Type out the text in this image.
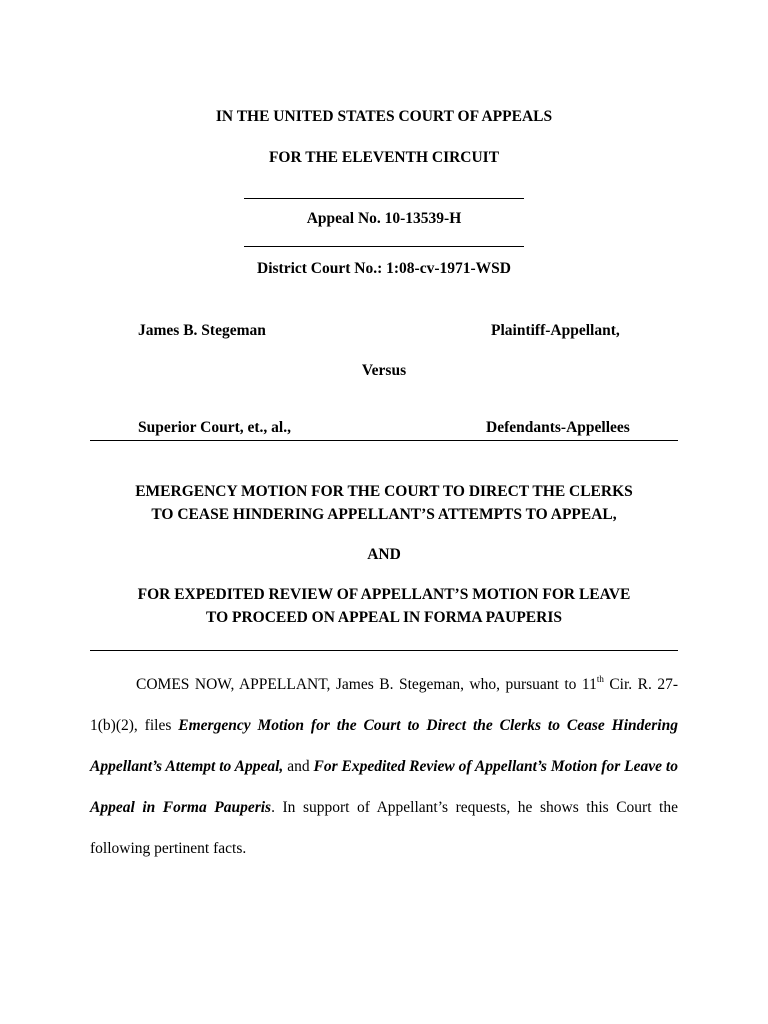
IN THE UNITED STATES COURT OF APPEALS
FOR THE ELEVENTH CIRCUIT
Appeal No. 10-13539-H
District Court No.: 1:08-cv-1971-WSD
James B. Stegeman	Plaintiff-Appellant,
Versus
Superior Court, et., al.,	Defendants-Appellees
EMERGENCY MOTION FOR THE COURT TO DIRECT THE CLERKS
TO CEASE HINDERING APPELLANT’S ATTEMPTS TO APPEAL,
AND
FOR EXPEDITED REVIEW OF APPELLANT’S MOTION FOR LEAVE
TO PROCEED ON APPEAL IN FORMA PAUPERIS

COMES NOW, APPELLANT, James B. Stegeman, who, pursuant to 11th Cir. R. 27-1(b)(2), files Emergency Motion for the Court to Direct the Clerks to Cease Hindering Appellant’s Attempt to Appeal, and For Expedited Review of Appellant’s Motion for Leave to Appeal in Forma Pauperis. In support of Appellant’s requests, he shows this Court the following pertinent facts.
